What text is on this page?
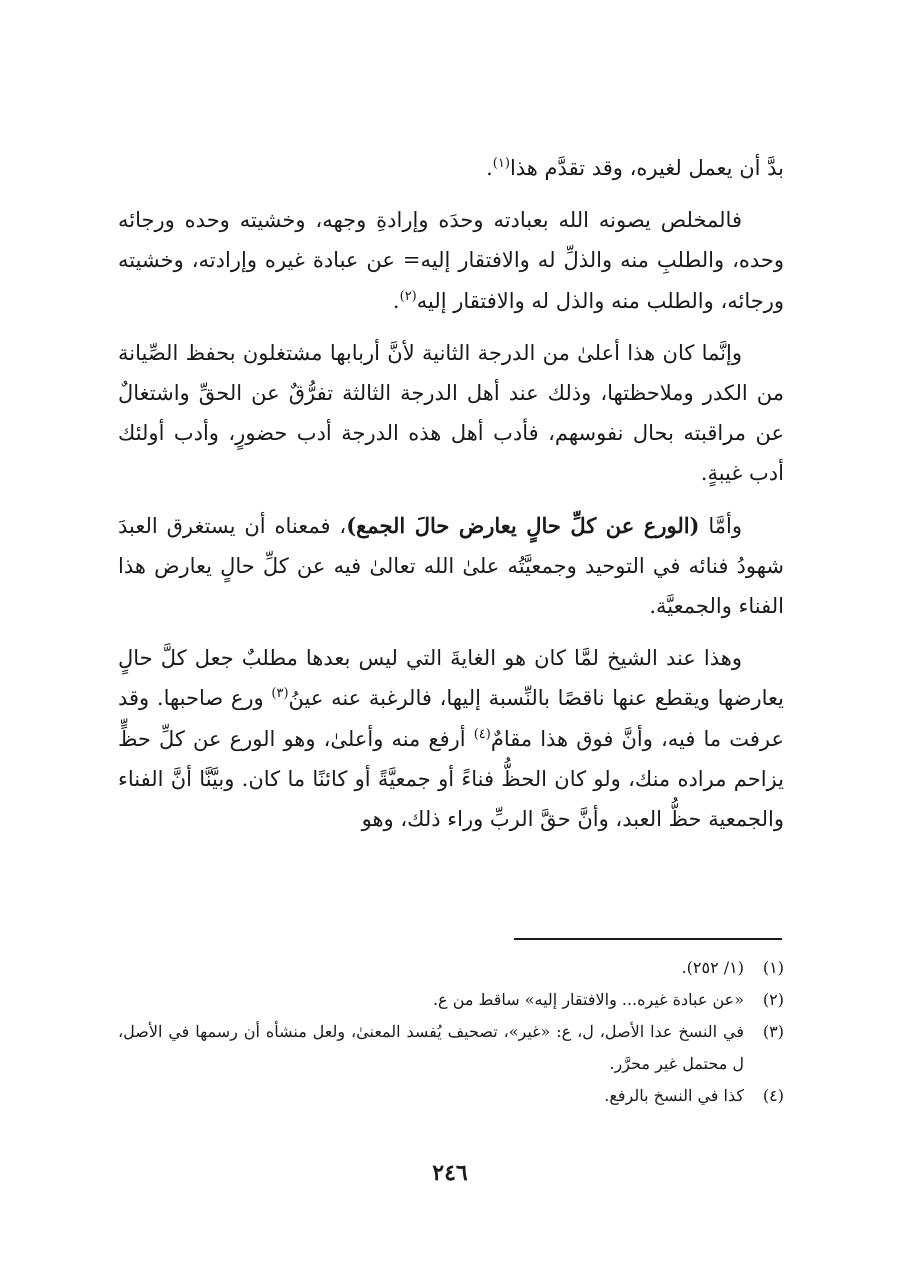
بدَّ أن يعمل لغيره، وقد تقدَّم هذا$^{(١)}$.

فالمخلص يصونه الله بعبادته وحدَه وإرادةِ وجهه، وخشيته وحده ورجائه وحده، والطلبِ منه والذلِّ له والافتقار إليه= عن عبادة غيره وإرادته، وخشيته ورجائه، والطلب منه والذل له والافتقار إليه$^{(٢)}$.

وإنَّما كان هذا أعلىٰ من الدرجة الثانية لأنَّ أربابها مشتغلون بحفظ الصِّيانة من الكدر وملاحظتها، وذلك عند أهل الدرجة الثالثة تفرُّقٌ عن الحقِّ واشتغالٌ عن مراقبته بحال نفوسهم، فأدب أهل هذه الدرجة أدب حضورٍ، وأدب أولئك أدب غيبةٍ.

وأمَّا (الورع عن كلِّ حالٍ يعارض حالَ الجمع)، فمعناه أن يستغرق العبدَ شهودُ فنائه في التوحيد وجمعيَّتُه علىٰ الله تعالىٰ فيه عن كلِّ حالٍ يعارض هذا الفناء والجمعيَّة.

وهذا عند الشيخ لمَّا كان هو الغايةَ التي ليس بعدها مطلبٌ جعل كلَّ حالٍ يعارضها ويقطع عنها ناقصًا بالنِّسبة إليها، فالرغبة عنه عينُ$^{(٣)}$ ورع صاحبها. وقد عرفت ما فيه، وأنَّ فوق هذا مقامٌ$^{(٤)}$ أرفع منه وأعلىٰ، وهو الورع عن كلِّ حظٍّ يزاحم مراده منك، ولو كان الحظُّ فناءً أو جمعيَّةً أو كائنًا ما كان. وبيَّنَّا أنَّ الفناء والجمعية حظُّ العبد، وأنَّ حقَّ الربِّ وراء ذلك، وهو

(١)
(١/ ٢٥٢).
(٢)
«عن عبادة غيره... والافتقار إليه» ساقط من ع.
(٣)
في النسخ عدا الأصل، ل، ع: «غير»، تصحيف يُفسد المعنىٰ، ولعل منشأه أن رسمها في الأصل، ل محتمل غير محرَّر.
(٤)
كذا في النسخ بالرفع.
٢٤٦
